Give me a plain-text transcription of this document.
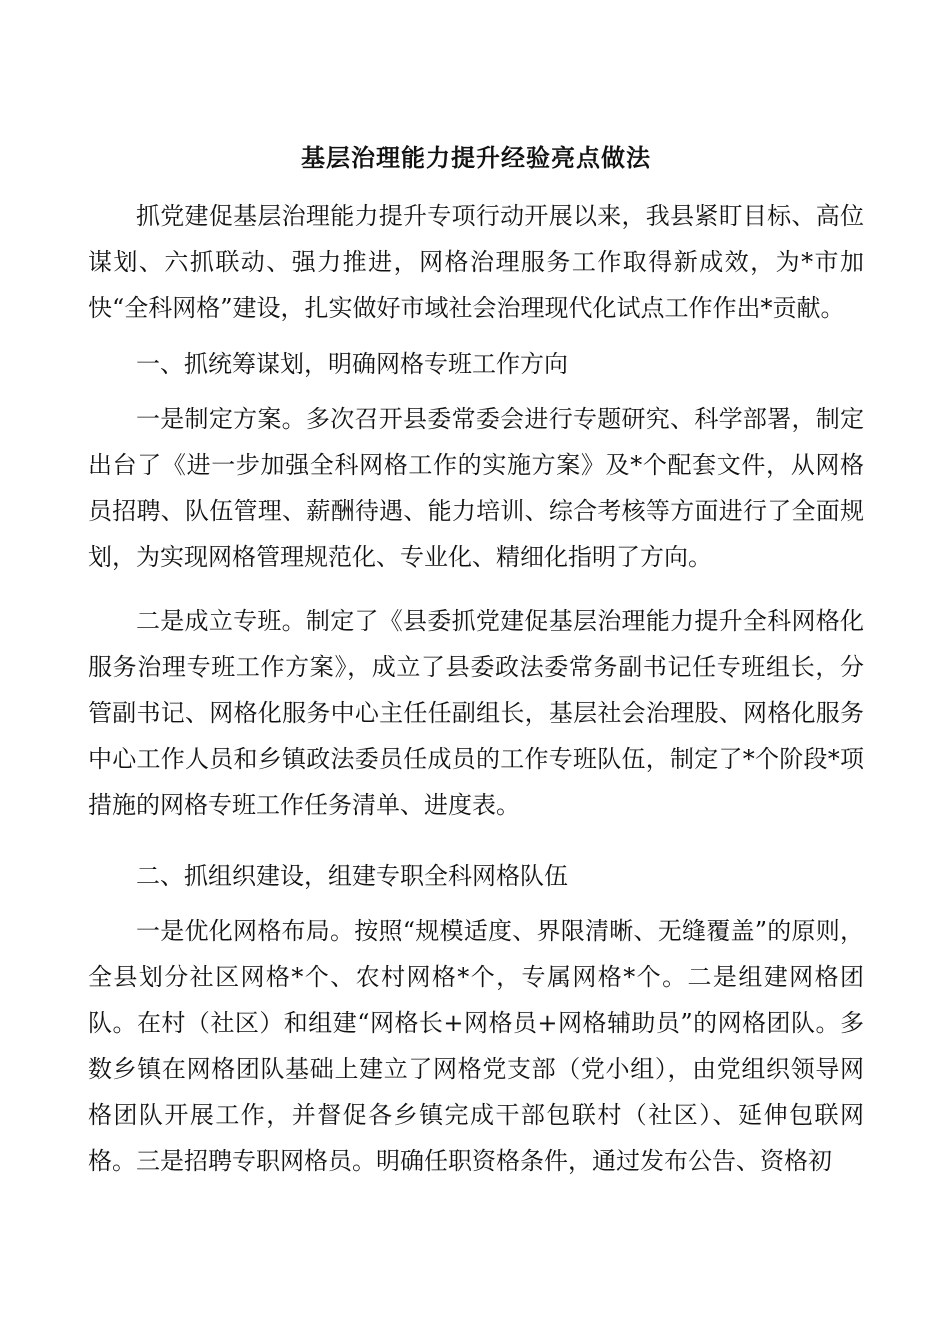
基层治理能力提升经验亮点做法

抓党建促基层治理能力提升专项行动开展以来，我县紧盯目标、高位谋划、六抓联动、强力推进，网格治理服务工作取得新成效，为*市加快“全科网格”建设，扎实做好市域社会治理现代化试点工作作出*贡献。

一、抓统筹谋划，明确网格专班工作方向

一是制定方案。多次召开县委常委会进行专题研究、科学部署，制定出台了《进一步加强全科网格工作的实施方案》及*个配套文件，从网格员招聘、队伍管理、薪酬待遇、能力培训、综合考核等方面进行了全面规划，为实现网格管理规范化、专业化、精细化指明了方向。

二是成立专班。制定了《县委抓党建促基层治理能力提升全科网格化服务治理专班工作方案》，成立了县委政法委常务副书记任专班组长，分管副书记、网格化服务中心主任任副组长，基层社会治理股、网格化服务中心工作人员和乡镇政法委员任成员的工作专班队伍，制定了*个阶段*项措施的网格专班工作任务清单、进度表。

二、抓组织建设，组建专职全科网格队伍

一是优化网格布局。按照“规模适度、界限清晰、无缝覆盖”的原则，全县划分社区网格*个、农村网格*个，专属网格*个。二是组建网格团队。在村（社区）和组建“网格长+网格员+网格辅助员”的网格团队。多数乡镇在网格团队基础上建立了网格党支部（党小组），由党组织领导网格团队开展工作，并督促各乡镇完成干部包联村（社区）、延伸包联网格。三是招聘专职网格员。明确任职资格条件，通过发布公告、资格初
